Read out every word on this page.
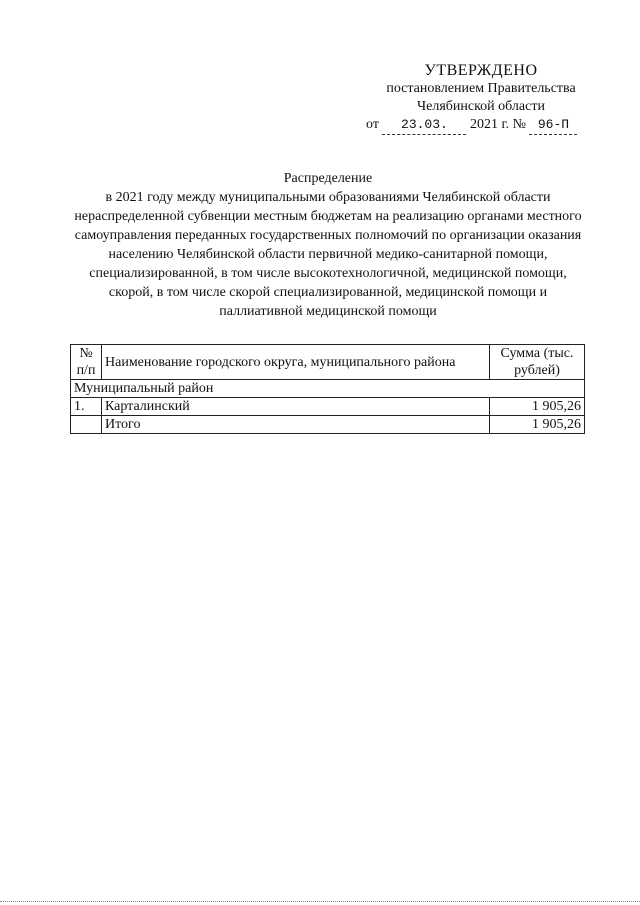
УТВЕРЖДЕНО
постановлением Правительства
Челябинской области
от 23.03. 2021 г. № 96-П
Распределение
в 2021 году между муниципальными образованиями Челябинской области нераспределенной субвенции местным бюджетам на реализацию органами местного самоуправления переданных государственных полномочий по организации оказания населению Челябинской области первичной медико-санитарной помощи, специализированной, в том числе высокотехнологичной, медицинской помощи, скорой, в том числе скорой специализированной, медицинской помощи и паллиативной медицинской помощи
№ п/п	Наименование городского округа, муниципального района	Сумма (тыс. рублей)
Муниципальный район		
1.	Карталинский	1 905,26
	Итого	1 905,26
